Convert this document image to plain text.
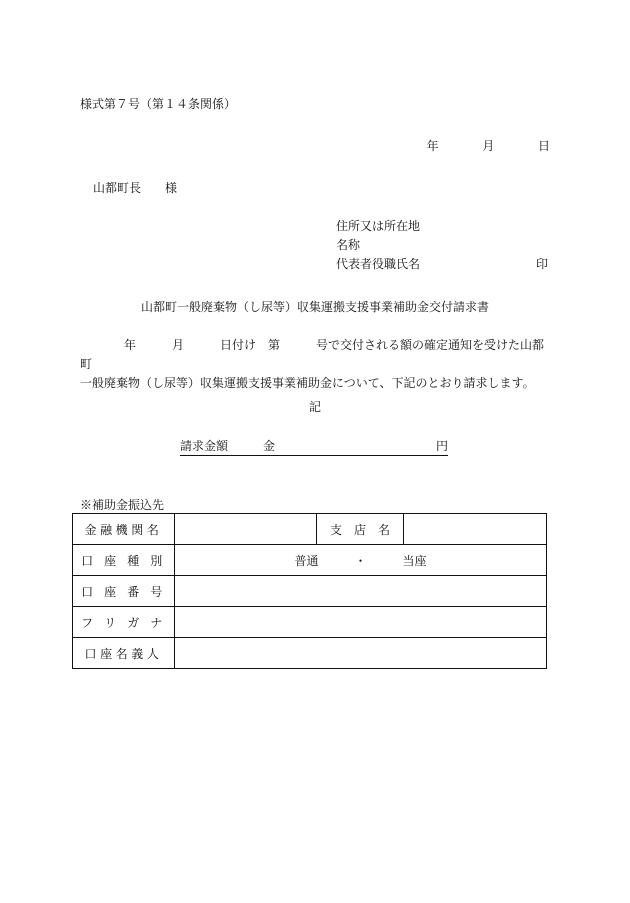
様式第７号（第１４条関係）
年	月	日
山都町長　　様
住所又は所在地
名称
代表者役職氏名	印
山都町一般廃棄物（し尿等）収集運搬支援事業補助金交付請求書
年　　　月　　　日付け　第　　　号で交付される額の確定通知を受けた山都町
一般廃棄物（し尿等）収集運搬支援事業補助金について、下記のとおり請求します。
記
請求金額	金	円
※補助金振込先
金融機関名		支　店　名	
口 座 種 別	普通　　　・　　　当座		
口 座 番 号			
フ リ ガ ナ			
口座名義人			
